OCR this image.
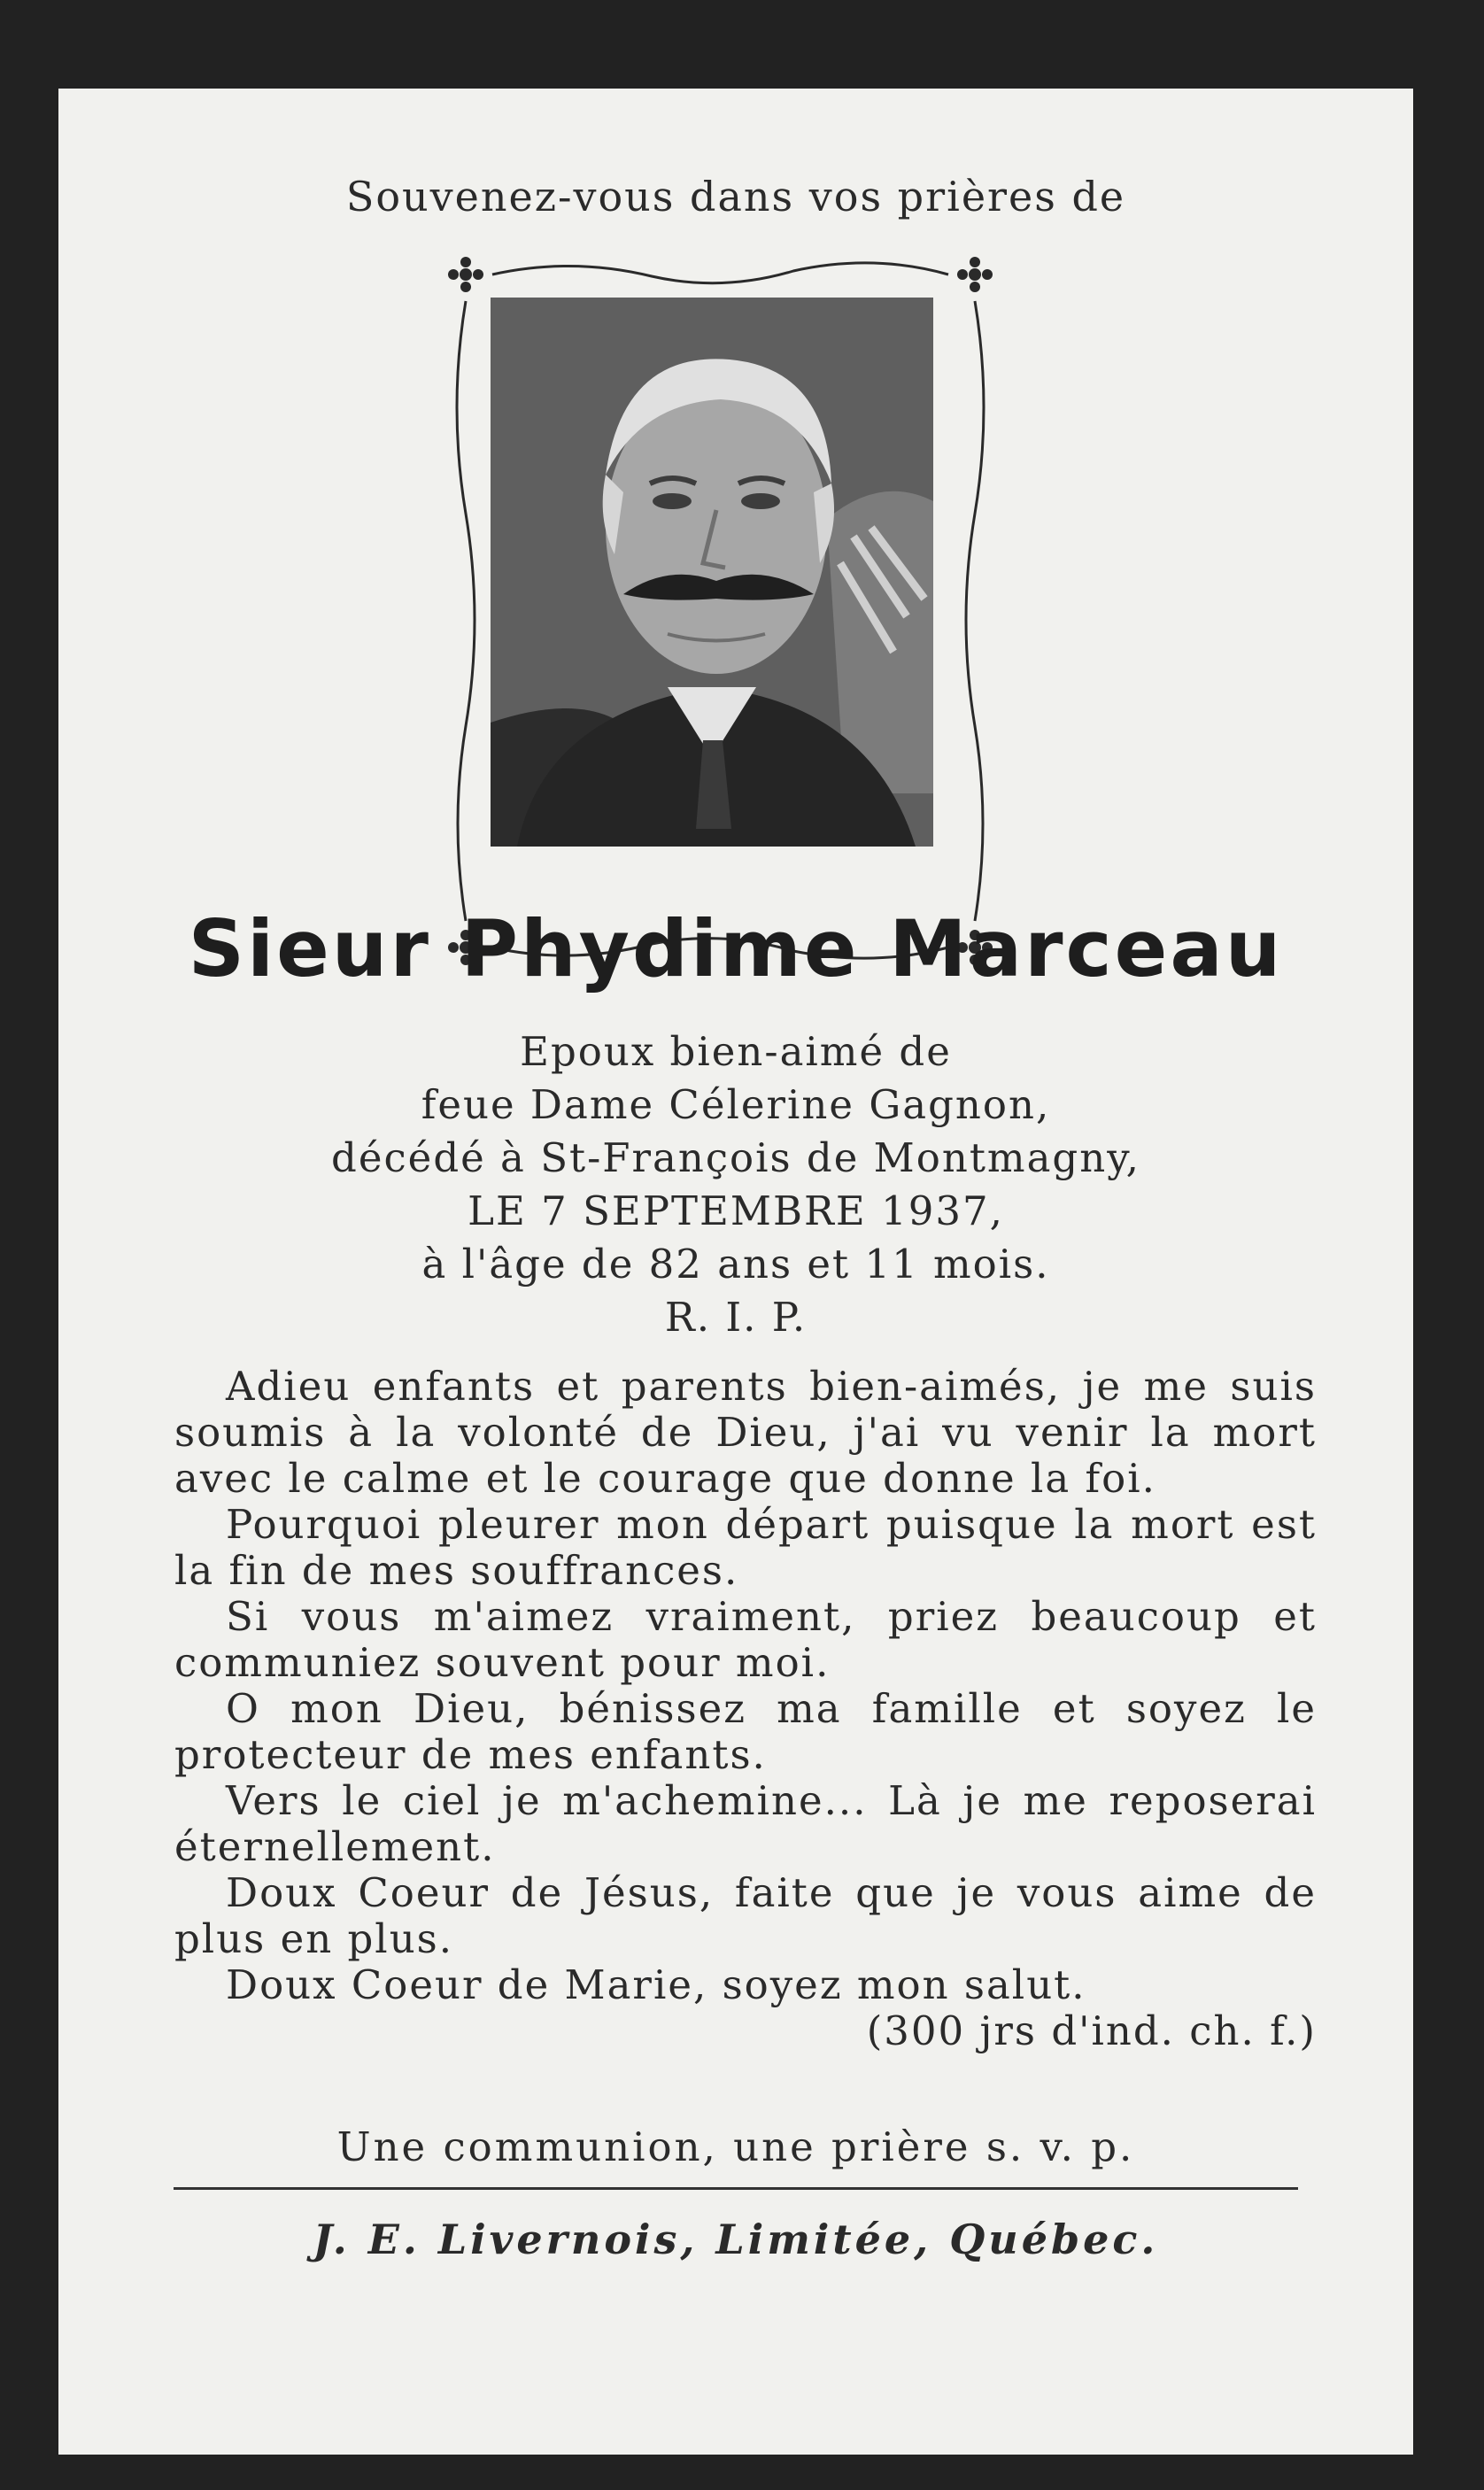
Souvenez-vous dans vos prières de
Sieur Phydime Marceau
Epoux bien-aimé de
feue Dame Célerine Gagnon,
décédé à St-François de Montmagny,
LE 7 SEPTEMBRE 1937,
à l'âge de 82 ans et 11 mois.
R. I. P.

Adieu enfants et parents bien-aimés, je me suis soumis à la volonté de Dieu, j'ai vu venir la mort avec le calme et le courage que donne la foi.

Pourquoi pleurer mon départ puisque la mort est la fin de mes souffrances.

Si vous m'aimez vraiment, priez beaucoup et communiez souvent pour moi.

O mon Dieu, bénissez ma famille et soyez le protecteur de mes enfants.

Vers le ciel je m'achemine... Là je me reposerai éternellement.

Doux Coeur de Jésus, faite que je vous aime de plus en plus.

Doux Coeur de Marie, soyez mon salut.

(300 jrs d'ind. ch. f.)
Une communion, une prière s. v. p.
J. E. Livernois, Limitée, Québec.
